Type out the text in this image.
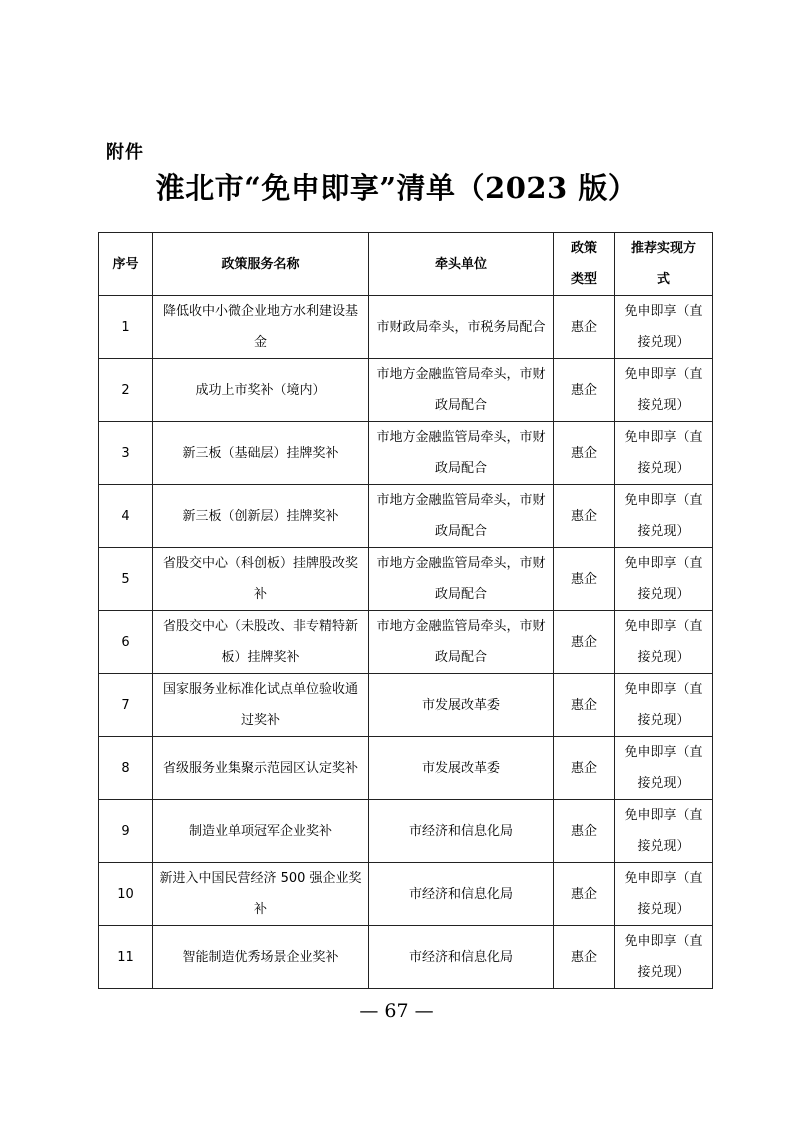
附件
淮北市“免申即享”清单（2023 版）
序号	政策服务名称	牵头单位	政策类型	推荐实现方式
1	降低收中小微企业地方水利建设基金	市财政局牵头，市税务局配合	惠企	免申即享（直接兑现）
2	成功上市奖补（境内）	市地方金融监管局牵头，市财政局配合	惠企	免申即享（直接兑现）
3	新三板（基础层）挂牌奖补	市地方金融监管局牵头，市财政局配合	惠企	免申即享（直接兑现）
4	新三板（创新层）挂牌奖补	市地方金融监管局牵头，市财政局配合	惠企	免申即享（直接兑现）
5	省股交中心（科创板）挂牌股改奖补	市地方金融监管局牵头，市财政局配合	惠企	免申即享（直接兑现）
6	省股交中心（未股改、非专精特新板）挂牌奖补	市地方金融监管局牵头，市财政局配合	惠企	免申即享（直接兑现）
7	国家服务业标准化试点单位验收通过奖补	市发展改革委	惠企	免申即享（直接兑现）
8	省级服务业集聚示范园区认定奖补	市发展改革委	惠企	免申即享（直接兑现）
9	制造业单项冠军企业奖补	市经济和信息化局	惠企	免申即享（直接兑现）
10	新进入中国民营经济 500 强企业奖补	市经济和信息化局	惠企	免申即享（直接兑现）
11	智能制造优秀场景企业奖补	市经济和信息化局	惠企	免申即享（直接兑现）
— 67 —
